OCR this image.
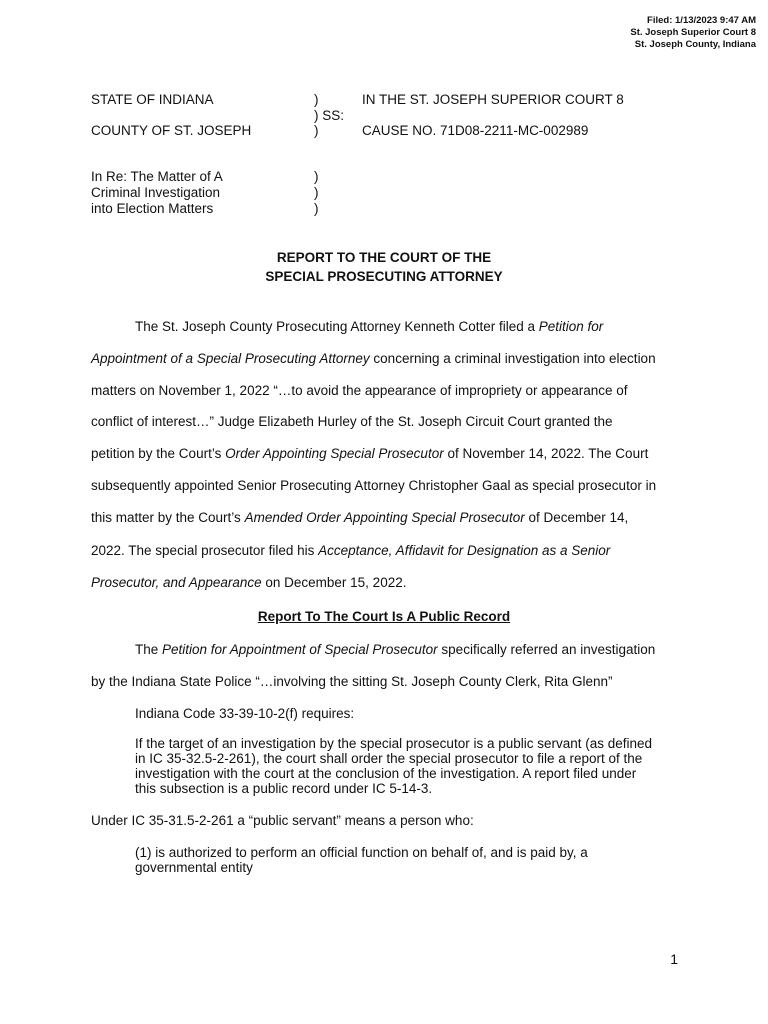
Filed: 1/13/2023 9:47 AM
St. Joseph Superior Court 8
St. Joseph County, Indiana
STATE OF INDIANA	)	IN THE ST. JOSEPH SUPERIOR COURT 8
) SS:
COUNTY OF ST. JOSEPH	)	CAUSE NO. 71D08-2211-MC-002989
In Re: The Matter of A	)
Criminal Investigation	)
into Election Matters	)
REPORT TO THE COURT OF THE
SPECIAL PROSECUTING ATTORNEY
The St. Joseph County Prosecuting Attorney Kenneth Cotter filed a Petition for
Appointment of a Special Prosecuting Attorney concerning a criminal investigation into election
matters on November 1, 2022 “…to avoid the appearance of impropriety or appearance of
conflict of interest…” Judge Elizabeth Hurley of the St. Joseph Circuit Court granted the
petition by the Court’s Order Appointing Special Prosecutor of November 14, 2022. The Court
subsequently appointed Senior Prosecuting Attorney Christopher Gaal as special prosecutor in
this matter by the Court’s Amended Order Appointing Special Prosecutor of December 14,
2022. The special prosecutor filed his Acceptance, Affidavit for Designation as a Senior
Prosecutor, and Appearance on December 15, 2022.
Report To The Court Is A Public Record
The Petition for Appointment of Special Prosecutor specifically referred an investigation
by the Indiana State Police “…involving the sitting St. Joseph County Clerk, Rita Glenn”
Indiana Code 33-39-10-2(f) requires:
If the target of an investigation by the special prosecutor is a public servant (as defined
in IC 35-32.5-2-261), the court shall order the special prosecutor to file a report of the
investigation with the court at the conclusion of the investigation. A report filed under
this subsection is a public record under IC 5-14-3.
Under IC 35-31.5-2-261 a “public servant” means a person who:
(1) is authorized to perform an official function on behalf of, and is paid by, a
governmental entity
1
